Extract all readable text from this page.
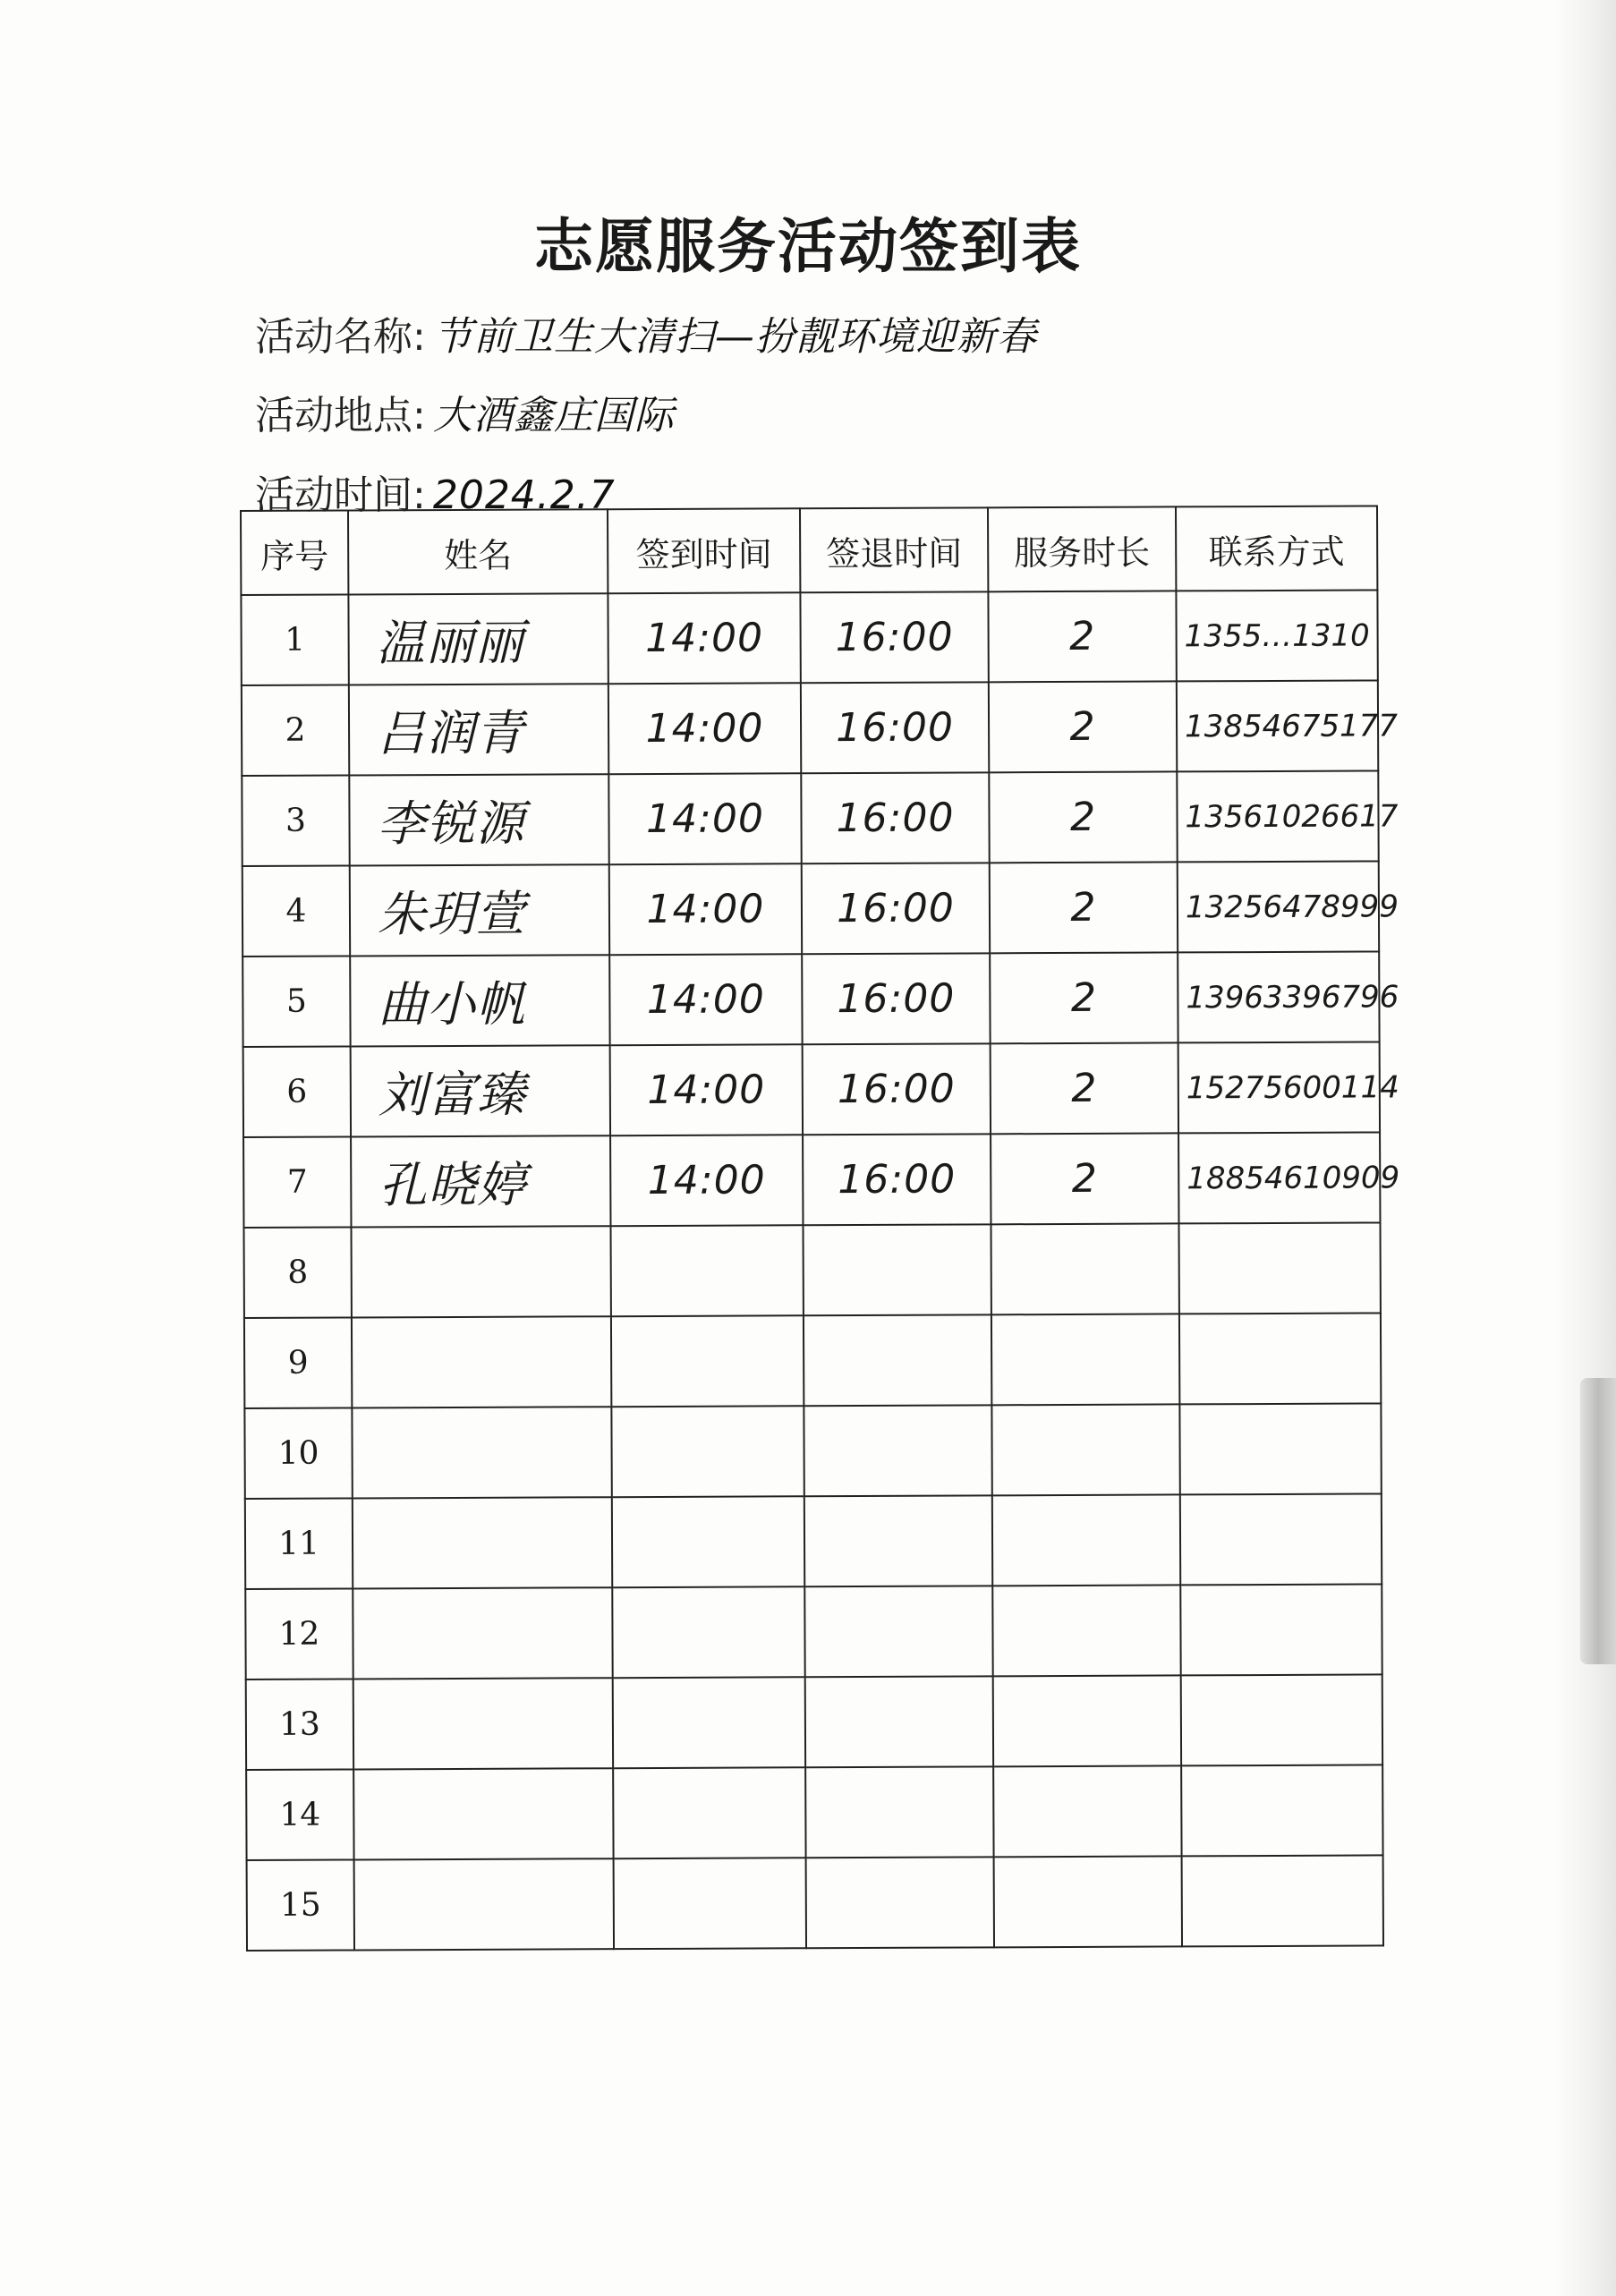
志愿服务活动签到表
活动名称: 节前卫生大清扫—扮靓环境迎新春
活动地点: 大酒鑫庄国际
活动时间: 2024.2.7
序号	姓名	签到时间	签退时间	服务时长	联系方式
1	温丽丽	14:00	16:00	2	1355…1310
2	吕润青	14:00	16:00	2	13854675177
3	李锐源	14:00	16:00	2	13561026617
4	朱玥萱	14:00	16:00	2	13256478999
5	曲小帆	14:00	16:00	2	13963396796
6	刘富臻	14:00	16:00	2	15275600114
7	孔晓婷	14:00	16:00	2	18854610909
8					
9					
10					
11					
12					
13					
14					
15					
